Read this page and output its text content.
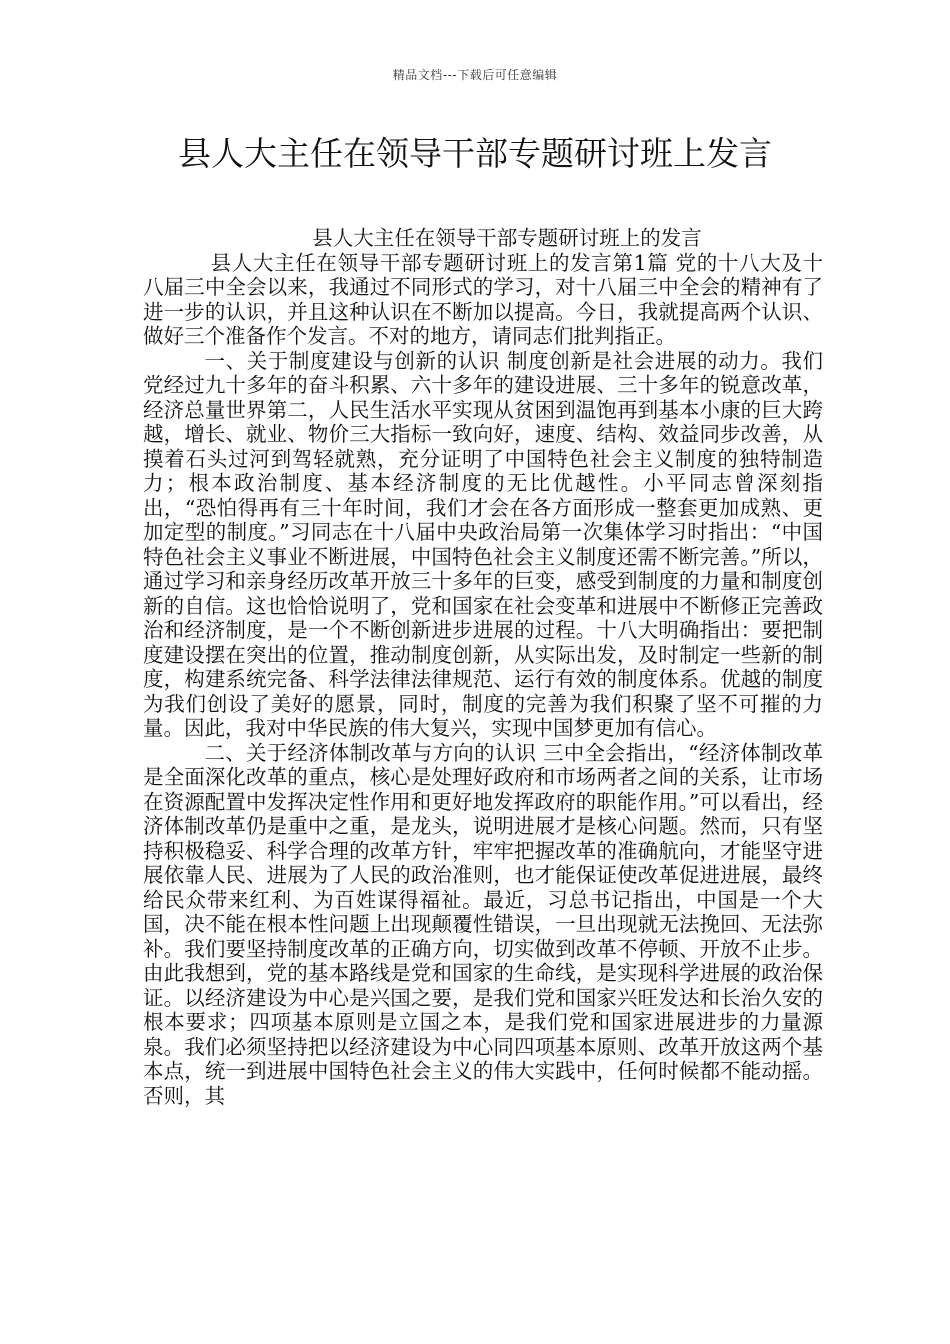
精品文档---下载后可任意编辑
县人大主任在领导干部专题研讨班上发言

县人大主任在领导干部专题研讨班上的发言

县人大主任在领导干部专题研讨班上的发言第1篇 党的十八大及十八届三中全会以来，我通过不同形式的学习，对十八届三中全会的精神有了进一步的认识，并且这种认识在不断加以提高。今日，我就提高两个认识、做好三个准备作个发言。不对的地方，请同志们批判指正。

一、关于制度建设与创新的认识 制度创新是社会进展的动力。我们党经过九十多年的奋斗积累、六十多年的建设进展、三十多年的锐意改革，经济总量世界第二，人民生活水平实现从贫困到温饱再到基本小康的巨大跨越，增长、就业、物价三大指标一致向好，速度、结构、效益同步改善，从摸着石头过河到驾轻就熟，充分证明了中国特色社会主义制度的独特制造力；根本政治制度、基本经济制度的无比优越性。小平同志曾深刻指出，“恐怕得再有三十年时间，我们才会在各方面形成一整套更加成熟、更加定型的制度。”习同志在十八届中央政治局第一次集体学习时指出：“中国特色社会主义事业不断进展，中国特色社会主义制度还需不断完善。”所以，通过学习和亲身经历改革开放三十多年的巨变，感受到制度的力量和制度创新的自信。这也恰恰说明了，党和国家在社会变革和进展中不断修正完善政治和经济制度，是一个不断创新进步进展的过程。十八大明确指出：要把制度建设摆在突出的位置，推动制度创新，从实际出发，及时制定一些新的制度，构建系统完备、科学法律法律规范、运行有效的制度体系。优越的制度为我们创设了美好的愿景，同时，制度的完善为我们积聚了坚不可摧的力量。因此，我对中华民族的伟大复兴，实现中国梦更加有信心。

二、关于经济体制改革与方向的认识 三中全会指出，“经济体制改革是全面深化改革的重点，核心是处理好政府和市场两者之间的关系，让市场在资源配置中发挥决定性作用和更好地发挥政府的职能作用。”可以看出，经济体制改革仍是重中之重，是龙头，说明进展才是核心问题。然而，只有坚持积极稳妥、科学合理的改革方针，牢牢把握改革的准确航向，才能坚守进展依靠人民、进展为了人民的政治准则，也才能保证使改革促进进展，最终给民众带来红利、为百姓谋得福祉。最近，习总书记指出，中国是一个大国，决不能在根本性问题上出现颠覆性错误，一旦出现就无法挽回、无法弥补。我们要坚持制度改革的正确方向，切实做到改革不停顿、开放不止步。由此我想到，党的基本路线是党和国家的生命线，是实现科学进展的政治保证。以经济建设为中心是兴国之要，是我们党和国家兴旺发达和长治久安的根本要求；四项基本原则是立国之本，是我们党和国家进展进步的力量源泉。我们必须坚持把以经济建设为中心同四项基本原则、改革开放这两个基本点，统一到进展中国特色社会主义的伟大实践中，任何时候都不能动摇。否则，其
